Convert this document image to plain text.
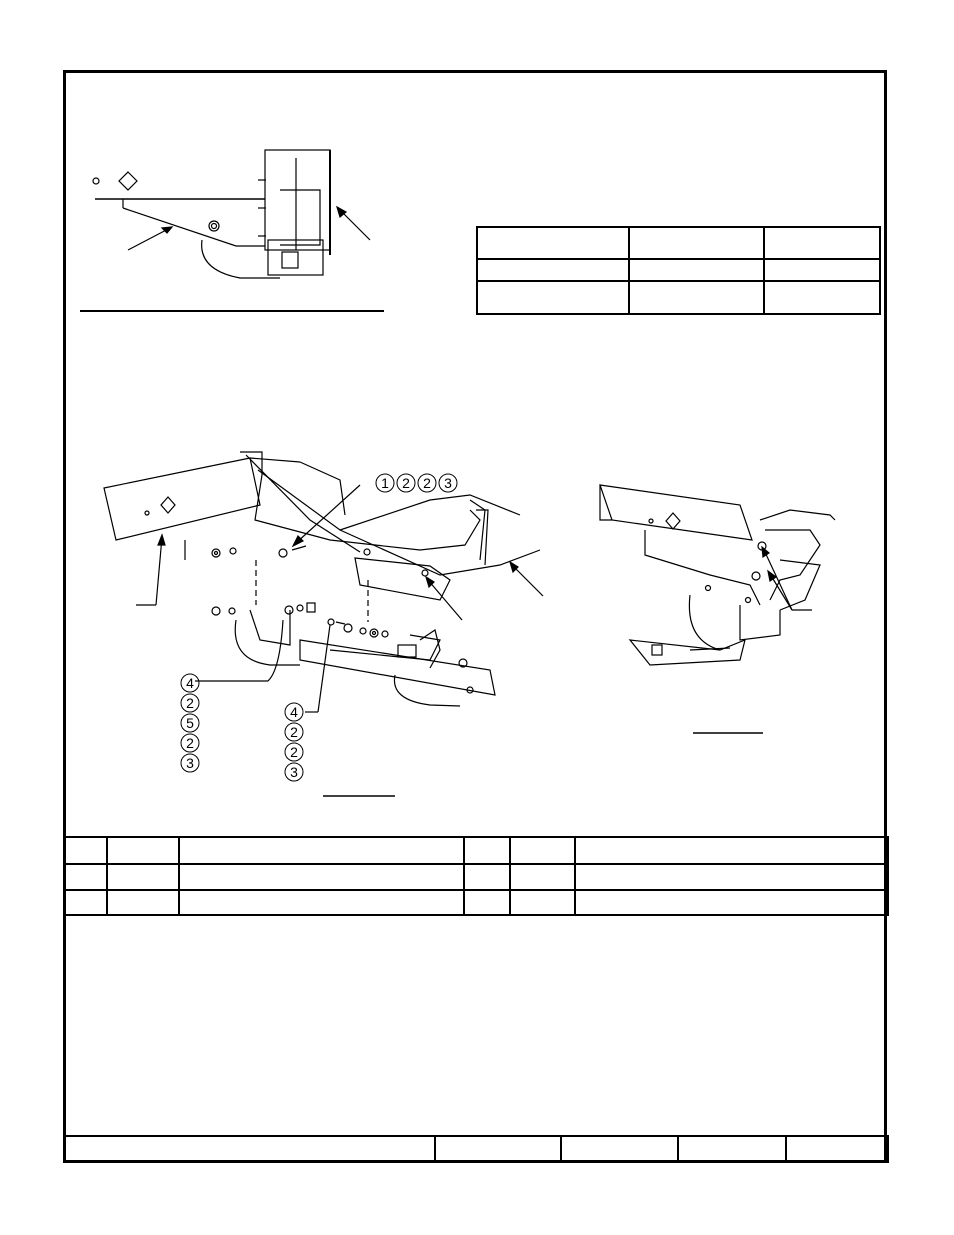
1 2 2 3
4
2
5
2
3
4
2
2
3
